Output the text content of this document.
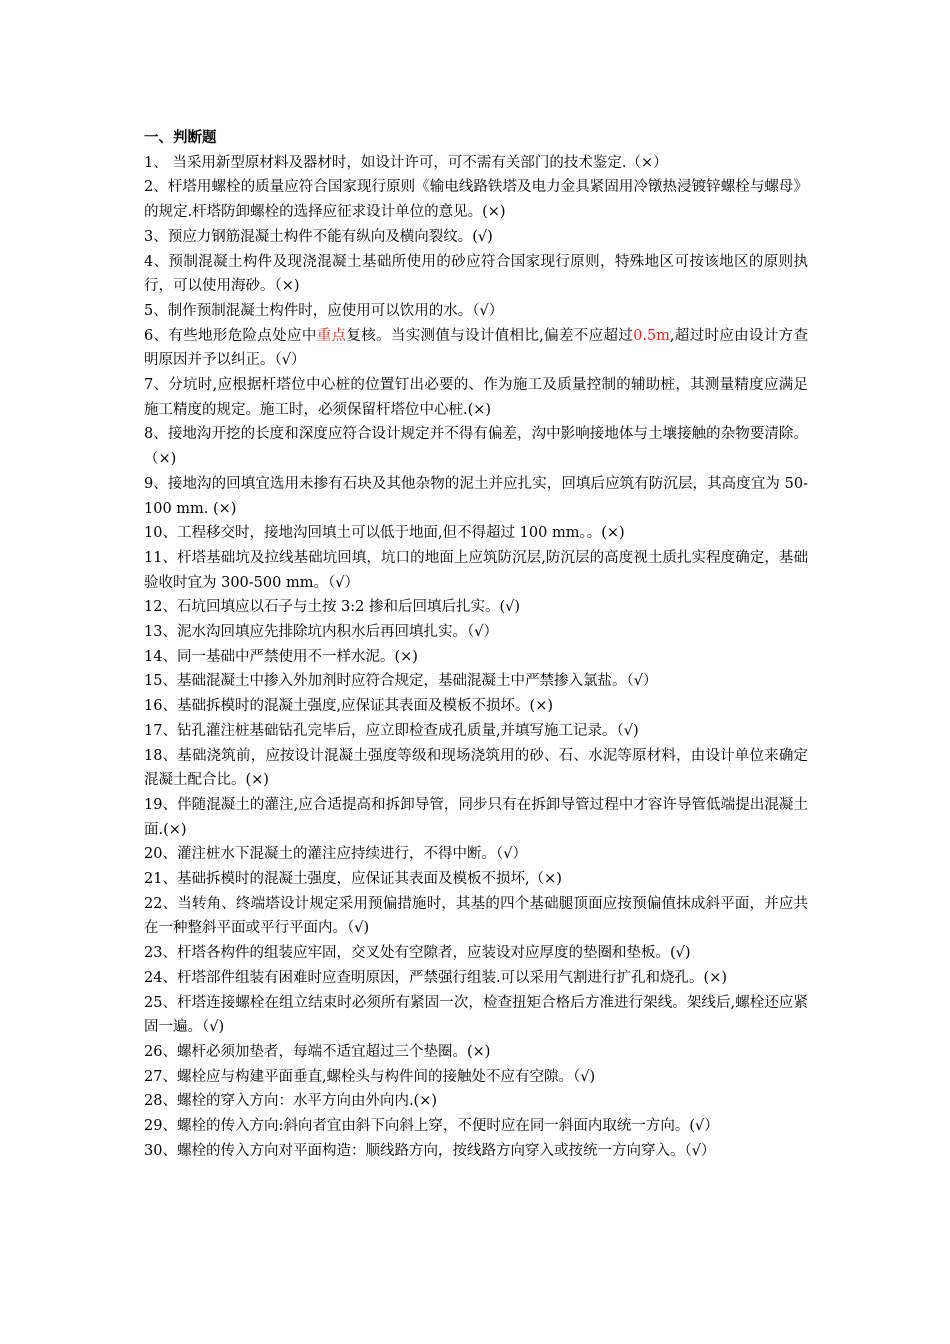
一、判断题

1、 当采用新型原材料及器材时，如设计许可，可不需有关部门的技术鉴定.（×）

2、杆塔用螺栓的质量应符合国家现行原则《输电线路铁塔及电力金具紧固用冷镦热浸镀锌螺栓与螺母》的规定.杆塔防卸螺栓的选择应征求设计单位的意见。(×)

3、预应力钢筋混凝土构件不能有纵向及横向裂纹。(√)

4、预制混凝土构件及现浇混凝土基础所使用的砂应符合国家现行原则，特殊地区可按该地区的原则执行，可以使用海砂。（×)

5、制作预制混凝土构件时，应使用可以饮用的水。（√）

6、有些地形危险点处应中重点复核。当实测值与设计值相比,偏差不应超过0.5m,超过时应由设计方查明原因并予以纠正。（√）

7、分坑时,应根据杆塔位中心桩的位置钉出必要的、作为施工及质量控制的辅助桩，其测量精度应满足施工精度的规定。施工时，必须保留杆塔位中心桩.(×)

8、接地沟开挖的长度和深度应符合设计规定并不得有偏差，沟中影响接地体与土壤接触的杂物要清除。（×)

9、接地沟的回填宜选用未掺有石块及其他杂物的泥土并应扎实，回填后应筑有防沉层，其高度宜为 50-100 mm. (×)

10、工程移交时，接地沟回填土可以低于地面,但不得超过 100 mm。。(×)

11、杆塔基础坑及拉线基础坑回填，坑口的地面上应筑防沉层,防沉层的高度视土质扎实程度确定，基础验收时宜为 300-500 mm。（√）

12、石坑回填应以石子与土按 3:2 掺和后回填后扎实。(√)

13、泥水沟回填应先排除坑内积水后再回填扎实。（√）

14、同一基础中严禁使用不一样水泥。(×)

15、基础混凝土中掺入外加剂时应符合规定，基础混凝土中严禁掺入氯盐。（√）

16、基础拆模时的混凝土强度,应保证其表面及模板不损坏。(×)

17、钻孔灌注桩基础钻孔完毕后，应立即检查成孔质量,并填写施工记录。（√)

18、基础浇筑前，应按设计混凝土强度等级和现场浇筑用的砂、石、水泥等原材料，由设计单位来确定混凝土配合比。(×)

19、伴随混凝土的灌注,应合适提高和拆卸导管，同步只有在拆卸导管过程中才容许导管低端提出混凝土面.(×)

20、灌注桩水下混凝土的灌注应持续进行，不得中断。（√）

21、基础拆模时的混凝土强度，应保证其表面及模板不损坏,（×)

22、当转角、终端塔设计规定采用预偏措施时，其基的四个基础腿顶面应按预偏值抹成斜平面，并应共在一种整斜平面或平行平面内。（√)

23、杆塔各构件的组装应牢固，交叉处有空隙者，应装设对应厚度的垫圈和垫板。(√)

24、杆塔部件组装有困难时应查明原因，严禁强行组装.可以采用气割进行扩孔和烧孔。(×)

25、杆塔连接螺栓在组立结束时必须所有紧固一次，检查扭矩合格后方准进行架线。架线后,螺栓还应紧固一遍。（√)

26、螺杆必须加垫者，每端不适宜超过三个垫圈。(×)

27、螺栓应与构建平面垂直,螺栓头与构件间的接触处不应有空隙。（√)

28、螺栓的穿入方向：水平方向由外向内.(×)

29、螺栓的传入方向:斜向者宜由斜下向斜上穿，不便时应在同一斜面内取统一方向。(√）

30、螺栓的传入方向对平面构造：顺线路方向，按线路方向穿入或按统一方向穿入。（√）
